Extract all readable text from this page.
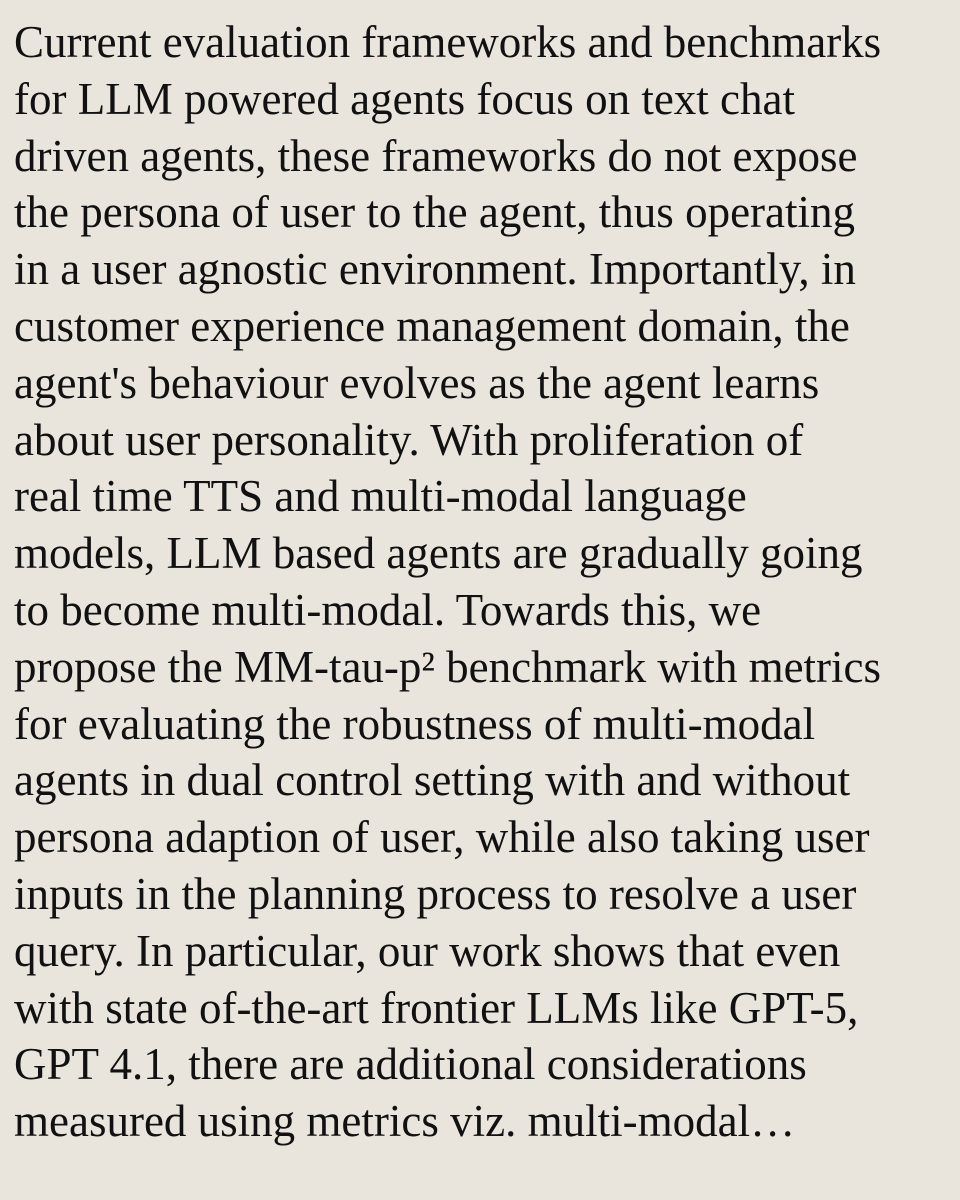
Current evaluation frameworks and benchmarks
for LLM powered agents focus on text chat
driven agents, these frameworks do not expose
the persona of user to the agent, thus operating
in a user agnostic environment. Importantly, in
customer experience management domain, the
agent's behaviour evolves as the agent learns
about user personality. With proliferation of
real time TTS and multi-modal language
models, LLM based agents are gradually going
to become multi-modal. Towards this, we
propose the MM-tau-p² benchmark with metrics
for evaluating the robustness of multi-modal
agents in dual control setting with and without
persona adaption of user, while also taking user
inputs in the planning process to resolve a user
query. In particular, our work shows that even
with state of-the-art frontier LLMs like GPT-5,
GPT 4.1, there are additional considerations
measured using metrics viz. multi-modal…
